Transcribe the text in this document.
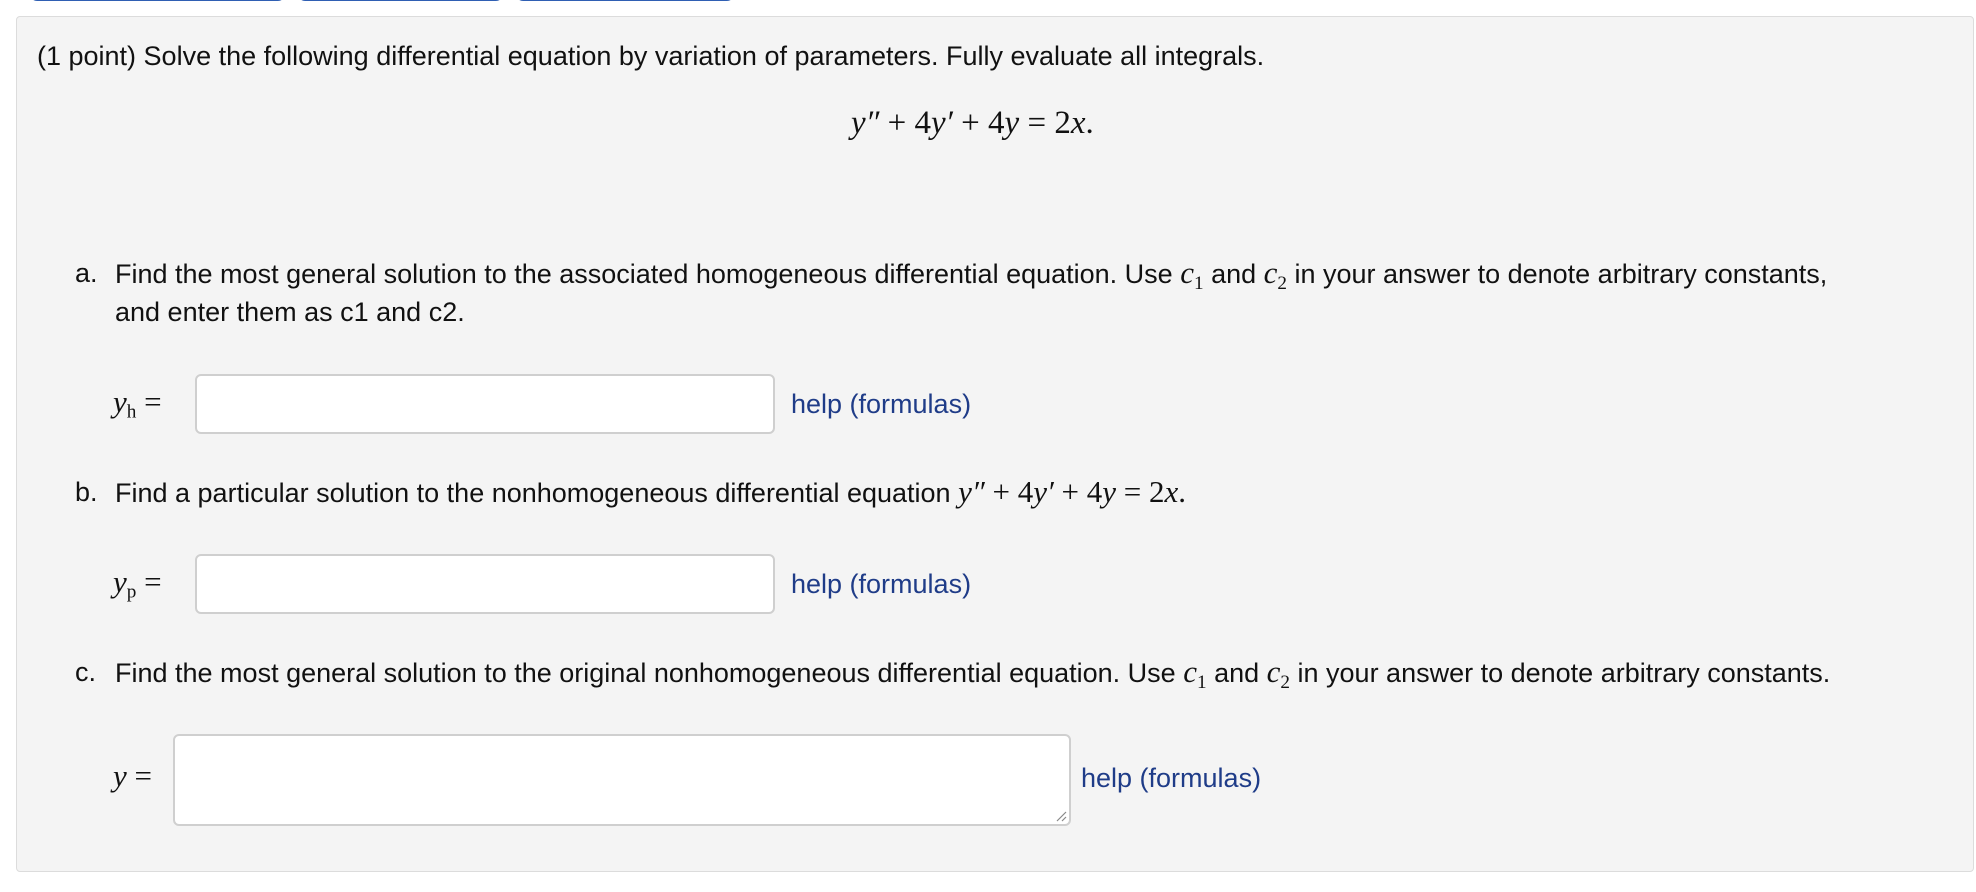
(1 point) Solve the following differential equation by variation of parameters. Fully evaluate all integrals.
y″ + 4y′ + 4y = 2x.
a. Find the most general solution to the associated homogeneous differential equation. Use $c_1$ and $c_2$ in your answer to denote arbitrary constants,
and enter them as c1 and c2.
$y_h$ =	help (formulas)
b. Find a particular solution to the nonhomogeneous differential equation y″ + 4y′ + 4y = 2x.
$y_p$ =	help (formulas)
c. Find the most general solution to the original nonhomogeneous differential equation. Use $c_1$ and $c_2$ in your answer to denote arbitrary constants.
y =	help (formulas)
